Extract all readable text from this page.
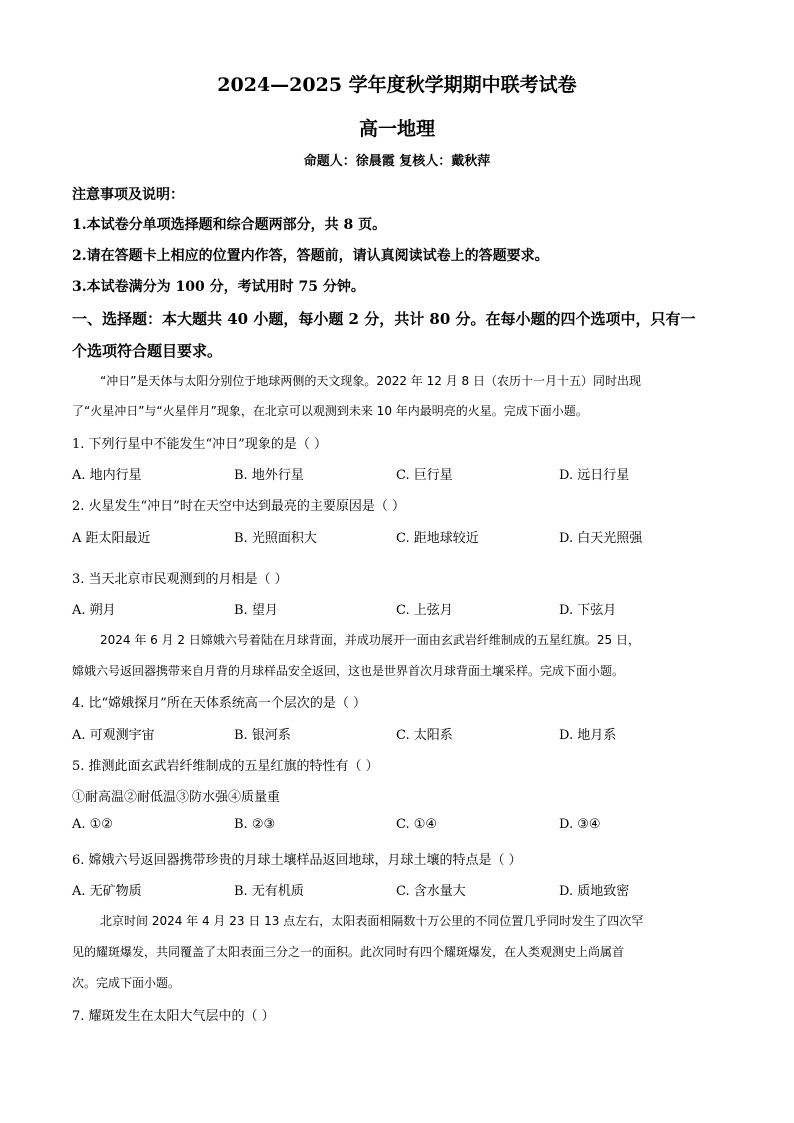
2024—2025 学年度秋学期期中联考试卷
高一地理
命题人：徐晨霞 复核人：戴秋萍
注意事项及说明：
1.本试卷分单项选择题和综合题两部分，共 8 页。
2.请在答题卡上相应的位置内作答，答题前，请认真阅读试卷上的答题要求。
3.本试卷满分为 100 分，考试用时 75 分钟。
一、选择题：本大题共 40 小题，每小题 2 分，共计 80 分。在每小题的四个选项中，只有一
个选项符合题目要求。
“冲日”是天体与太阳分别位于地球两侧的天文现象。2022 年 12 月 8 日（农历十一月十五）同时出现
了“火星冲日”与“火星伴月”现象，在北京可以观测到未来 10 年内最明亮的火星。完成下面小题。
1. 下列行星中不能发生“冲日”现象的是（ ）
A. 地内行星	B. 地外行星	C. 巨行星	D. 远日行星
2. 火星发生“冲日”时在天空中达到最亮的主要原因是（ ）
A 距太阳最近	B. 光照面积大	C. 距地球较近	D. 白天光照强
3. 当天北京市民观测到的月相是（ ）
A. 朔月	B. 望月	C. 上弦月	D. 下弦月
2024 年 6 月 2 日嫦娥六号着陆在月球背面，并成功展开一面由玄武岩纤维制成的五星红旗。25 日，
嫦娥六号返回器携带来自月背的月球样品安全返回，这也是世界首次月球背面土壤采样。完成下面小题。
4. 比“嫦娥探月”所在天体系统高一个层次的是（ ）
A. 可观测宇宙	B. 银河系	C. 太阳系	D. 地月系
5. 推测此面玄武岩纤维制成的五星红旗的特性有（ ）
①耐高温②耐低温③防水强④质量重
A. ①②	B. ②③	C. ①④	D. ③④
6. 嫦娥六号返回器携带珍贵的月球土壤样品返回地球，月球土壤的特点是（ ）
A. 无矿物质	B. 无有机质	C. 含水量大	D. 质地致密
北京时间 2024 年 4 月 23 日 13 点左右，太阳表面相隔数十万公里的不同位置几乎同时发生了四次罕
见的耀斑爆发，共同覆盖了太阳表面三分之一的面积。此次同时有四个耀斑爆发，在人类观测史上尚属首
次。完成下面小题。
7. 耀斑发生在太阳大气层中的（ ）
